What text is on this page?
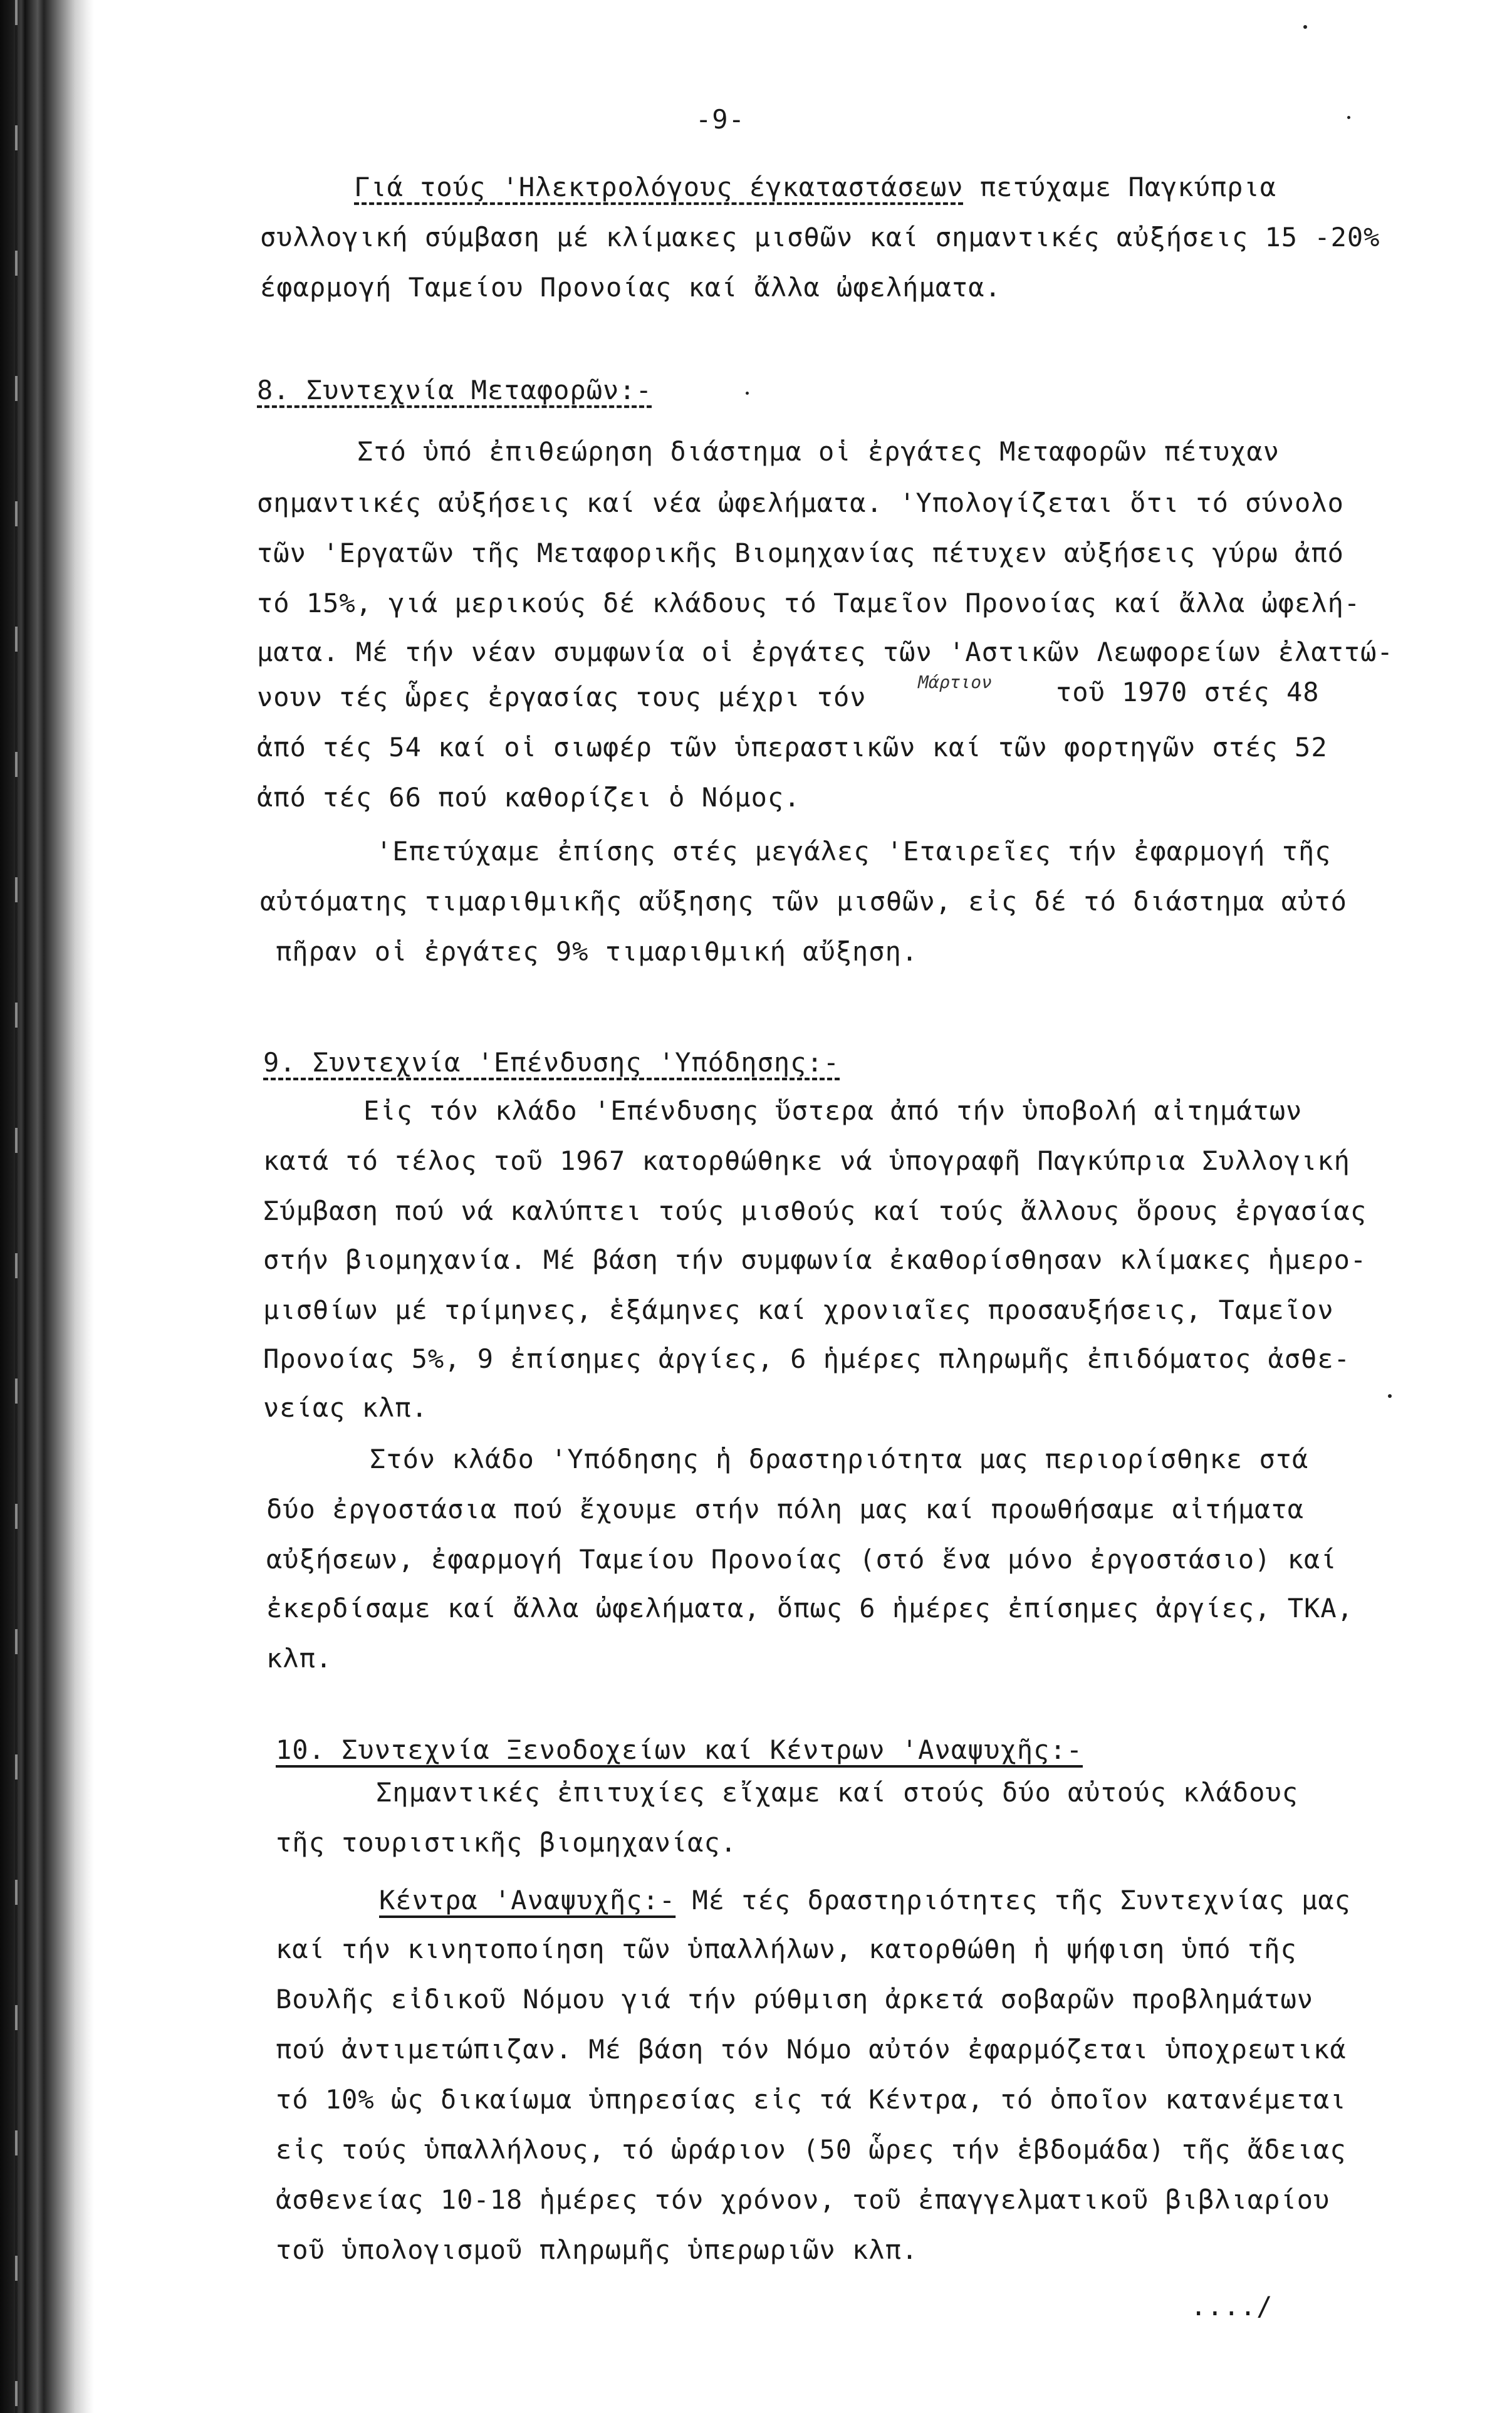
-9-
Γιά τούς 'Ηλεκτρολόγους έγκαταστάσεων πετύχαμε Παγκύπρια
συλλογική σύμβαση μέ κλίμακες μισθῶν καί σημαντικές αὐξήσεις 15 -20%
έφαρμογή Ταμείου Προνοίας καί ἄλλα ὠφελήματα.
8. Συντεχνία Μεταφορῶν:-
Στό ὑπό ἐπιθεώρηση διάστημα οἱ ἐργάτες Μεταφορῶν πέτυχαν
σημαντικές αὐξήσεις καί νέα ὠφελήματα. 'Υπολογίζεται ὅτι τό σύνολο
τῶν 'Εργατῶν τῆς Μεταφορικῆς Βιομηχανίας πέτυχεν αὐξήσεις γύρω ἀπό
τό 15%, γιά μερικούς δέ κλάδους τό Ταμεῖον Προνοίας καί ἄλλα ὠφελή-
ματα. Μέ τήν νέαν συμφωνία οἱ ἐργάτες τῶν 'Αστικῶν Λεωφορείων ἐλαττώ-
Μάρτιον
νουν τές ὧρες ἐργασίας τους μέχρι τόν	τοῦ 1970 στές 48
ἀπό τές 54 καί οἱ σιωφέρ τῶν ὑπεραστικῶν καί τῶν φορτηγῶν στές 52
ἀπό τές 66 πού καθορίζει ὁ Νόμος.
'Επετύχαμε ἐπίσης στές μεγάλες 'Εταιρεῖες τήν ἐφαρμογή τῆς
αὐτόματης τιμαριθμικῆς αὔξησης τῶν μισθῶν, εἰς δέ τό διάστημα αὐτό
πῆραν οἱ ἐργάτες 9% τιμαριθμική αὔξηση.
9. Συντεχνία 'Επένδυσης 'Υπόδησης:-
Εἰς τόν κλάδο 'Επένδυσης ὕστερα ἀπό τήν ὑποβολή αἰτημάτων
κατά τό τέλος τοῦ 1967 κατορθώθηκε νά ὑπογραφῆ Παγκύπρια Συλλογική
Σύμβαση πού νά καλύπτει τούς μισθούς καί τούς ἄλλους ὅρους ἐργασίας
στήν βιομηχανία. Μέ βάση τήν συμφωνία ἐκαθορίσθησαν κλίμακες ἡμερο-
μισθίων μέ τρίμηνες, ἑξάμηνες καί χρονιαῖες προσαυξήσεις, Ταμεῖον
Προνοίας 5%, 9 ἐπίσημες ἀργίες, 6 ἡμέρες πληρωμῆς ἐπιδόματος ἀσθε-
νείας κλπ.
Στόν κλάδο 'Υπόδησης ἡ δραστηριότητα μας περιορίσθηκε στά
δύο ἐργοστάσια πού ἔχουμε στήν πόλη μας καί προωθήσαμε αἰτήματα
αὐξήσεων, ἐφαρμογή Ταμείου Προνοίας (στό ἕνα μόνο ἐργοστάσιο) καί
ἐκερδίσαμε καί ἄλλα ὠφελήματα, ὅπως 6 ἡμέρες ἐπίσημες ἀργίες, ΤΚΑ,
κλπ.
10. Συντεχνία Ξενοδοχείων καί Κέντρων 'Αναψυχῆς:-
Σημαντικές ἐπιτυχίες εἴχαμε καί στούς δύο αὐτούς κλάδους
τῆς τουριστικῆς βιομηχανίας.
Κέντρα 'Αναψυχῆς:- Μέ τές δραστηριότητες τῆς Συντεχνίας μας
καί τήν κινητοποίηση τῶν ὑπαλλήλων, κατορθώθη ἡ ψήφιση ὑπό τῆς
Βουλῆς εἰδικοῦ Νόμου γιά τήν ρύθμιση ἀρκετά σοβαρῶν προβλημάτων
πού ἀντιμετώπιζαν. Μέ βάση τόν Νόμο αὐτόν ἐφαρμόζεται ὑποχρεωτικά
τό 10% ὡς δικαίωμα ὑπηρεσίας εἰς τά Κέντρα, τό ὁποῖον κατανέμεται
εἰς τούς ὑπαλλήλους, τό ὡράριον (50 ὧρες τήν ἑβδομάδα) τῆς ἄδειας
ἀσθενείας 10-18 ἡμέρες τόν χρόνον, τοῦ ἐπαγγελματικοῦ βιβλιαρίου
τοῦ ὑπολογισμοῦ πληρωμῆς ὑπερωριῶν κλπ.
..../
